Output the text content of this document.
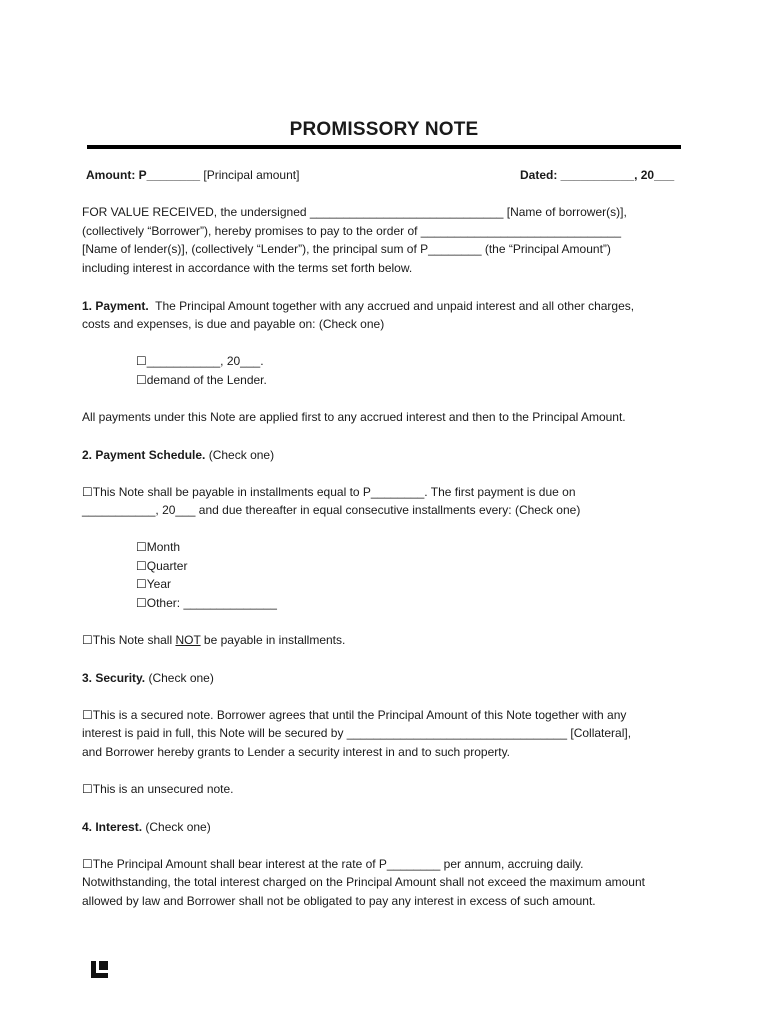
PROMISSORY NOTE
Amount: P________ [Principal amount]	Dated: ___________, 20___
FOR VALUE RECEIVED, the undersigned _____________________________ [Name of borrower(s)],
(collectively “Borrower”), hereby promises to pay to the order of ______________________________
[Name of lender(s)], (collectively “Lender”), the principal sum of P________ (the “Principal Amount”)
including interest in accordance with the terms set forth below.
1. Payment.  The Principal Amount together with any accrued and unpaid interest and all other charges,
costs and expenses, is due and payable on: (Check one)
☐___________, 20___.
☐demand of the Lender.
All payments under this Note are applied first to any accrued interest and then to the Principal Amount.
2. Payment Schedule. (Check one)
☐This Note shall be payable in installments equal to P________. The first payment is due on
___________, 20___ and due thereafter in equal consecutive installments every: (Check one)
☐Month
☐Quarter
☐Year
☐Other: ______________
☐This Note shall NOT be payable in installments.
3. Security. (Check one)
☐This is a secured note. Borrower agrees that until the Principal Amount of this Note together with any
interest is paid in full, this Note will be secured by _________________________________ [Collateral],
and Borrower hereby grants to Lender a security interest in and to such property.
☐This is an unsecured note.
4. Interest. (Check one)
☐The Principal Amount shall bear interest at the rate of P________ per annum, accruing daily.
Notwithstanding, the total interest charged on the Principal Amount shall not exceed the maximum amount
allowed by law and Borrower shall not be obligated to pay any interest in excess of such amount.
